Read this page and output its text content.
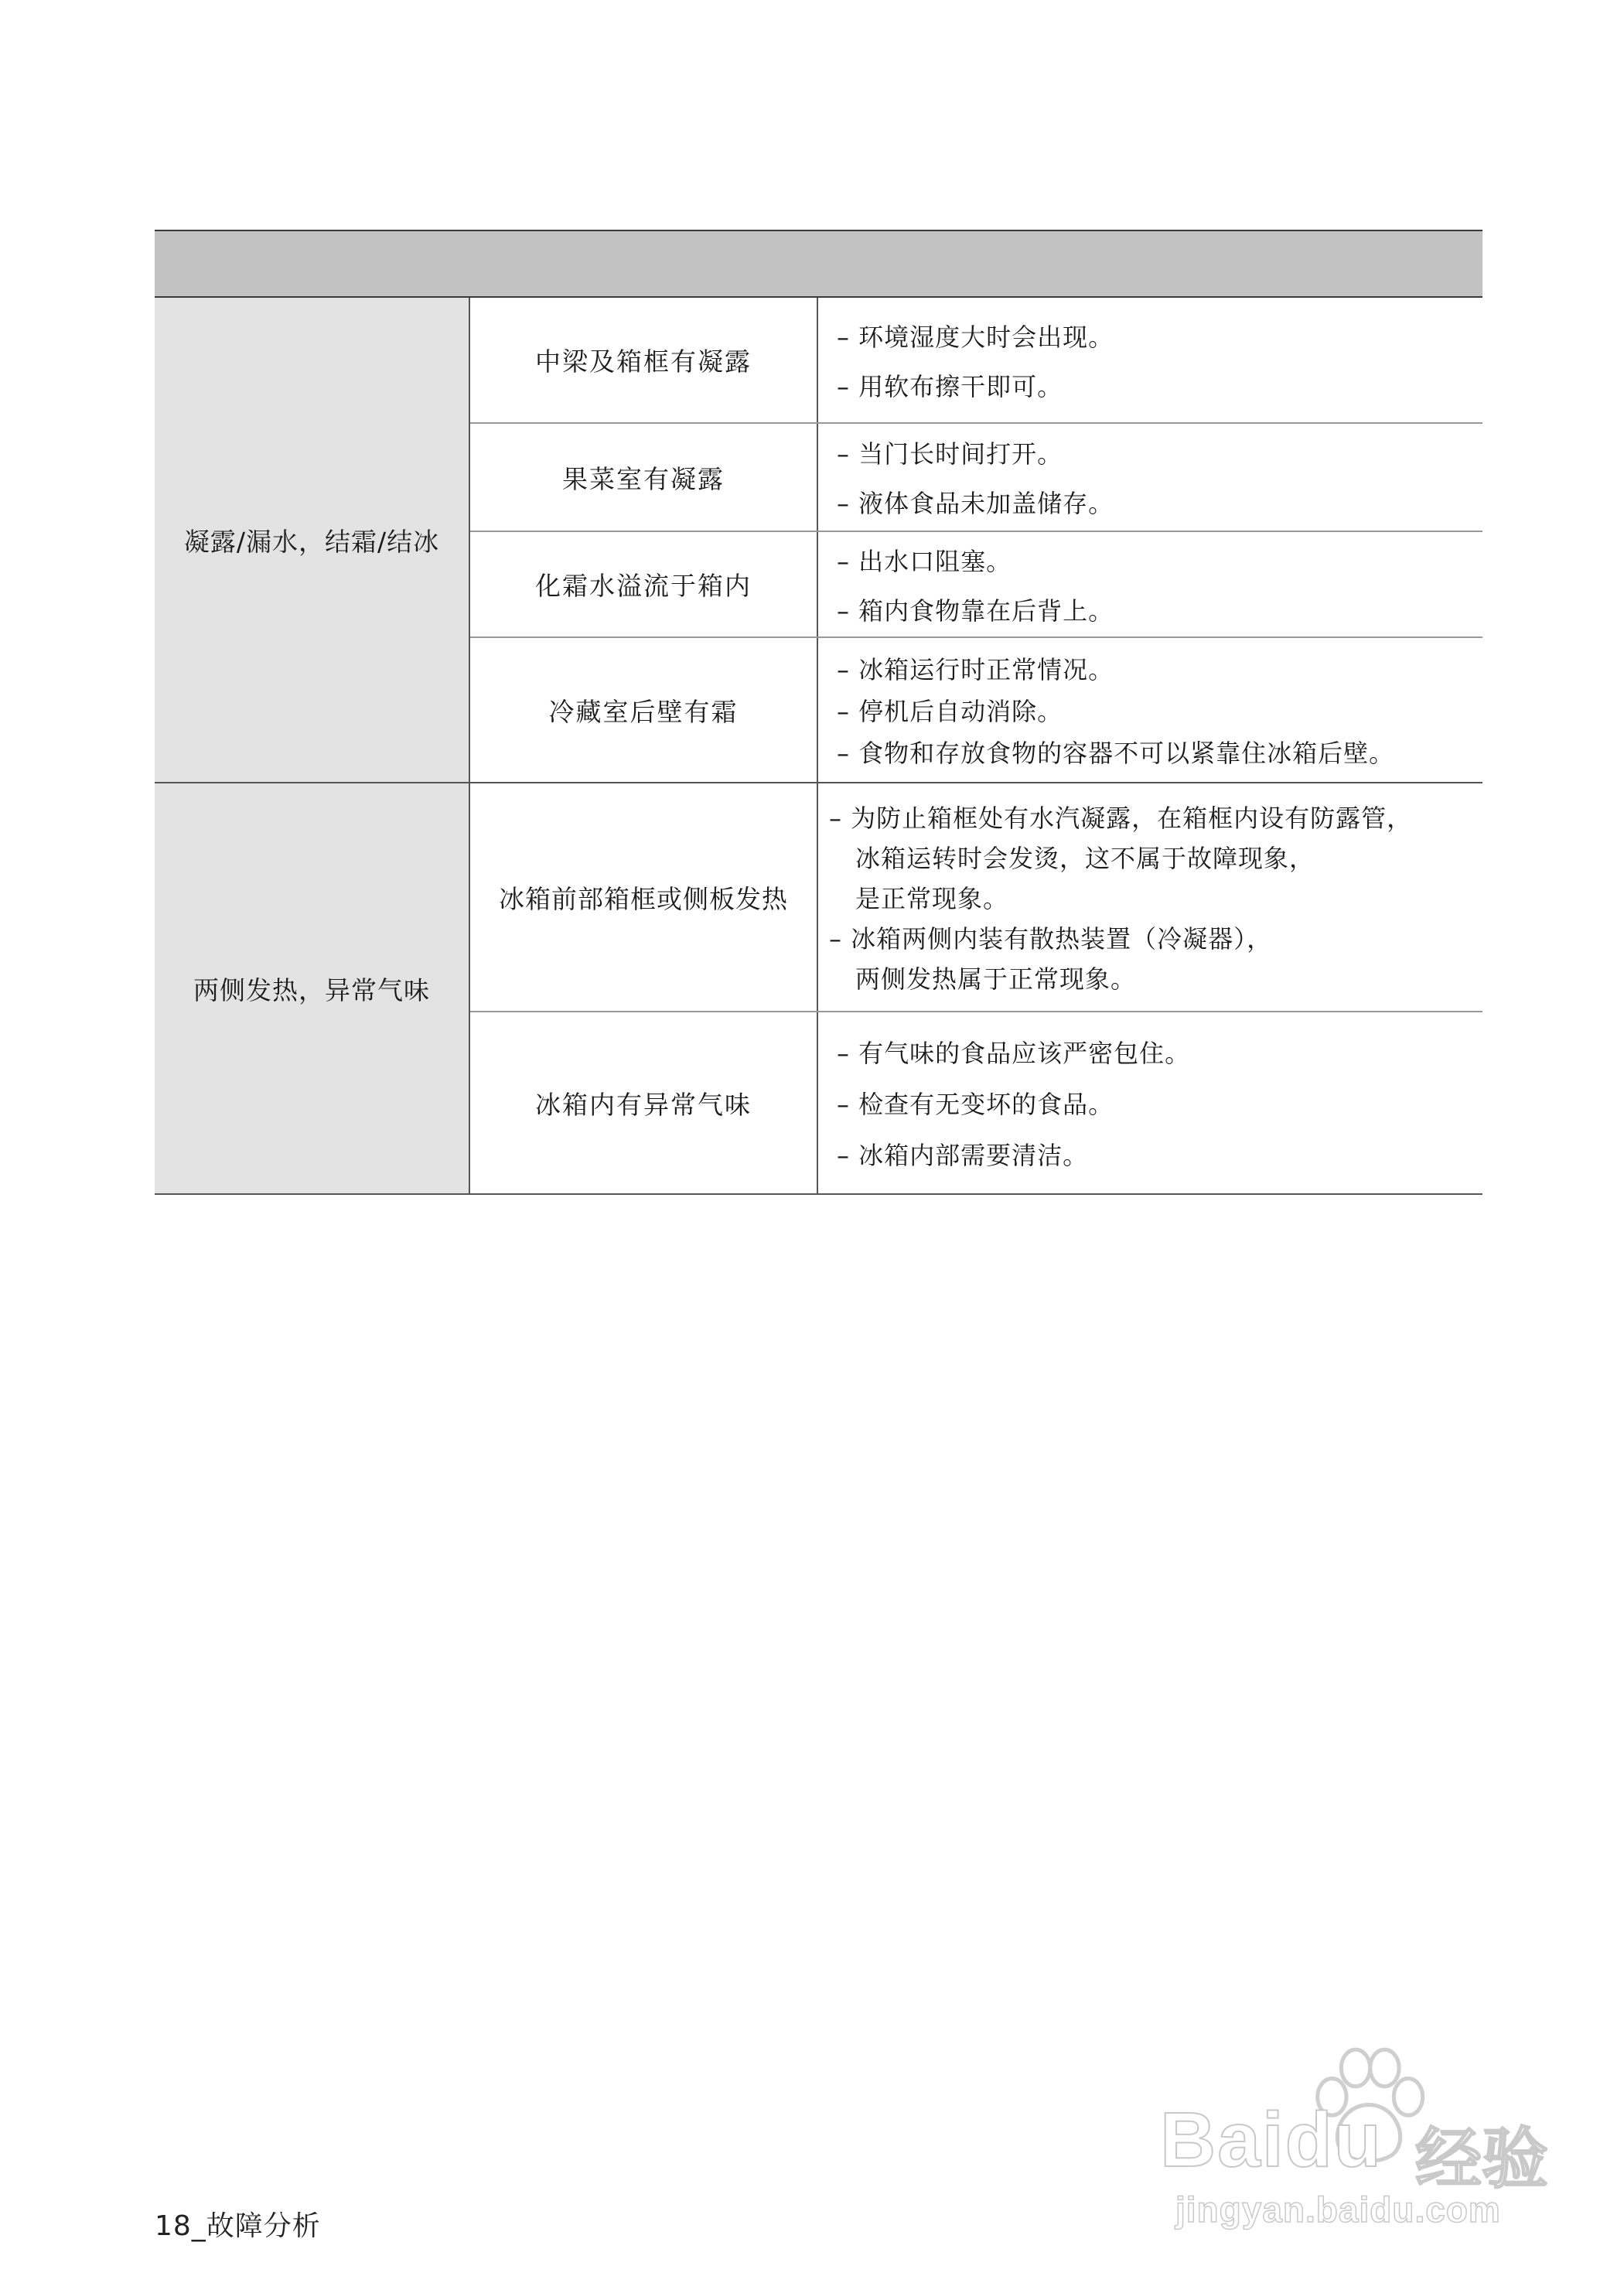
凝露/漏水，结霜/结冰	中梁及箱框有凝露	– 环境湿度大时会出现。
– 用软布擦干即可。

	果菜室有凝露	– 当门长时间打开。
– 液体食品未加盖储存。

	化霜水溢流于箱内	– 出水口阻塞。
– 箱内食物靠在后背上。

	冷藏室后壁有霜	– 冰箱运行时正常情况。
– 停机后自动消除。
– 食物和存放食物的容器不可以紧靠住冰箱后壁。

两侧发热，异常气味	冰箱前部箱框或侧板发热	– 为防止箱框处有水汽凝露，在箱框内设有防露管，
冰箱运转时会发烫，这不属于故障现象，
是正常现象。
– 冰箱两侧内装有散热装置（冷凝器），
两侧发热属于正常现象。

	冰箱内有异常气味	– 有气味的食品应该严密包住。
– 检查有无变坏的食品。
– 冰箱内部需要清洁。
18_故障分析
Baidu 经验
jingyan.baidu.com
